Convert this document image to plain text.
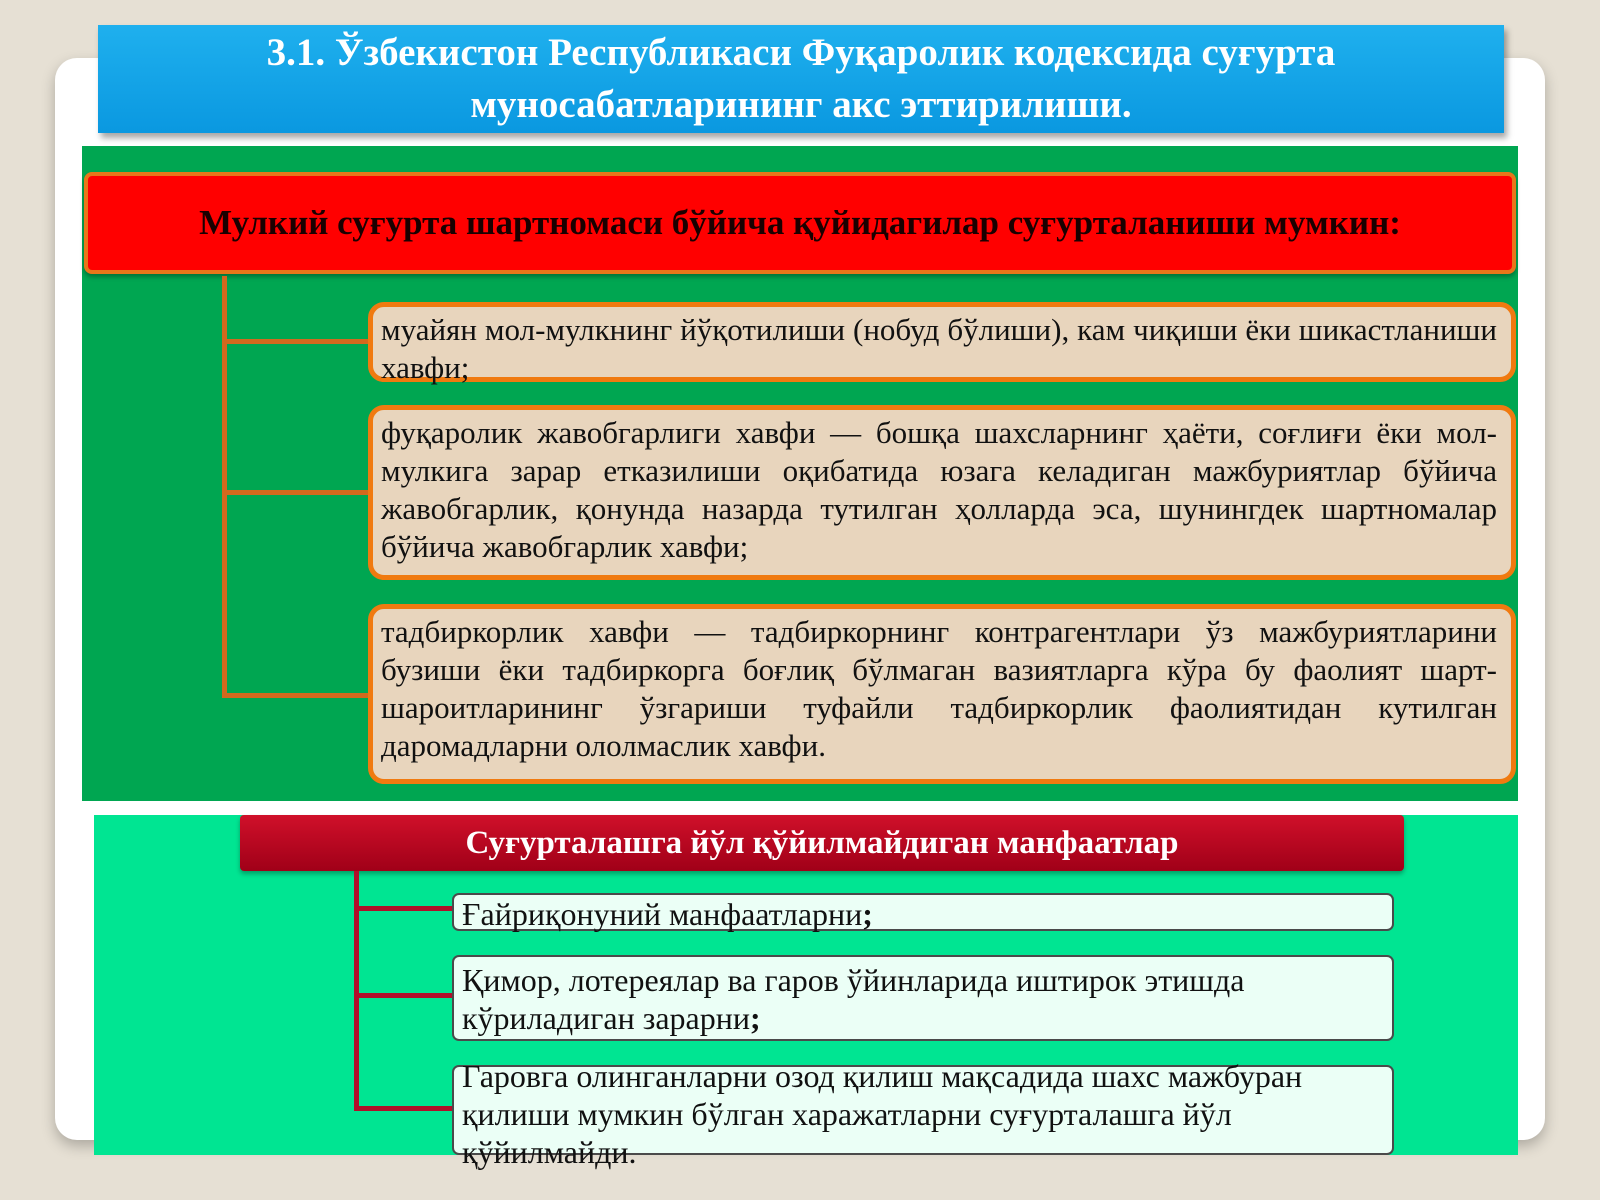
3.1. Ўзбекистон Республикаси Фуқаролик кодексида суғурта муносабатларининг акс эттирилиши.
Мулкий суғурта шартномаси бўйича қуйидагилар суғурталаниши мумкин:
муайян мол-мулкнинг йўқотилиши (нобуд бўлиши), кам чиқиши ёки шикастланиши хавфи;
фуқаролик жавобгарлиги хавфи — бошқа шахсларнинг ҳаёти, соғлиғи ёки мол-мулкига зарар етказилиши оқибатида юзага келадиган мажбуриятлар бўйича жавобгарлик, қонунда назарда тутилган ҳолларда эса, шунингдек шартномалар бўйича жавобгарлик хавфи;
тадбиркорлик хавфи — тадбиркорнинг контрагентлари ўз мажбуриятларини бузиши ёки тадбиркорга боғлиқ бўлмаган вазиятларга кўра бу фаолият шарт-шароитларининг ўзгариши туфайли тадбиркорлик фаолиятидан кутилган даромадларни ололмаслик хавфи.
Суғурталашга йўл қўйилмайдиган манфаатлар
Ғайриқонуний манфаатларни;
Қимор, лотереялар ва гаров ўйинларида иштирок этишда кўриладиган зарарни;
Гаровга олинганларни озод қилиш мақсадида шахс мажбуран қилиши мумкин бўлган харажатларни суғурталашга йўл қўйилмайди.
